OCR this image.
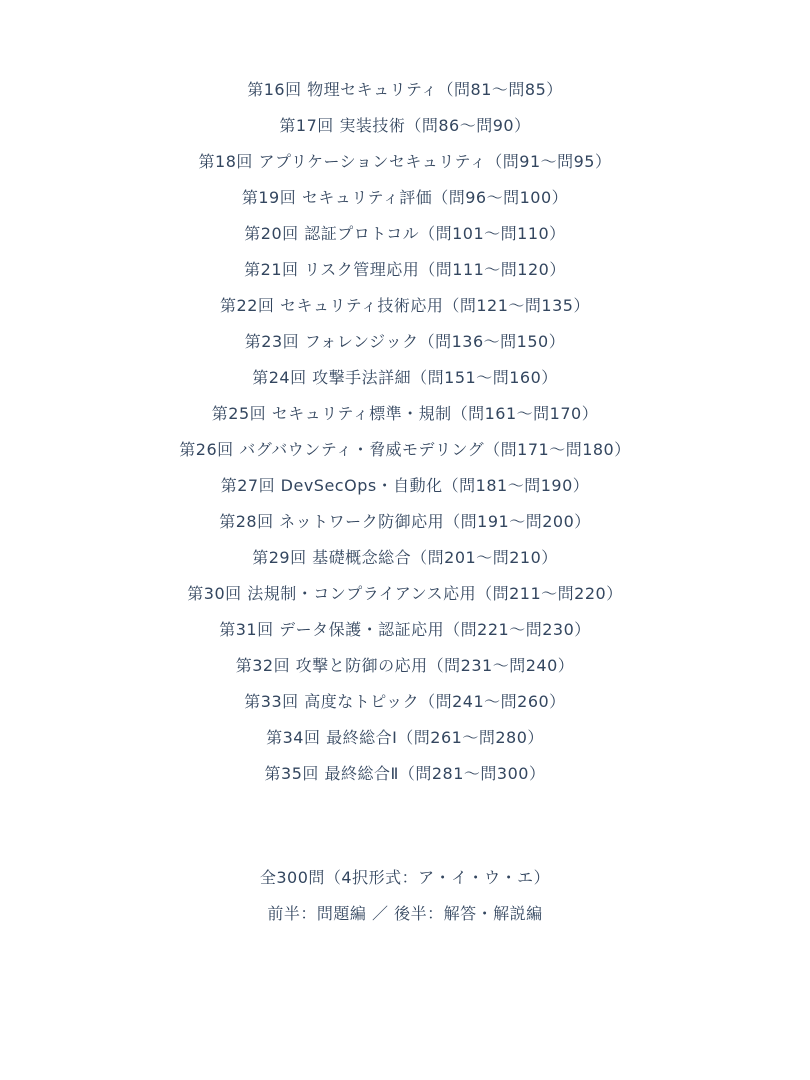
第16回 物理セキュリティ（問81〜問85）
第17回 実装技術（問86〜問90）
第18回 アプリケーションセキュリティ（問91〜問95）
第19回 セキュリティ評価（問96〜問100）
第20回 認証プロトコル（問101〜問110）
第21回 リスク管理応用（問111〜問120）
第22回 セキュリティ技術応用（問121〜問135）
第23回 フォレンジック（問136〜問150）
第24回 攻撃手法詳細（問151〜問160）
第25回 セキュリティ標準・規制（問161〜問170）
第26回 バグバウンティ・脅威モデリング（問171〜問180）
第27回 DevSecOps・自動化（問181〜問190）
第28回 ネットワーク防御応用（問191〜問200）
第29回 基礎概念総合（問201〜問210）
第30回 法規制・コンプライアンス応用（問211〜問220）
第31回 データ保護・認証応用（問221〜問230）
第32回 攻撃と防御の応用（問231〜問240）
第33回 高度なトピック（問241〜問260）
第34回 最終総合Ⅰ（問261〜問280）
第35回 最終総合Ⅱ（問281〜問300）
全300問（4択形式：ア・イ・ウ・エ）
前半：問題編 ／ 後半：解答・解説編
